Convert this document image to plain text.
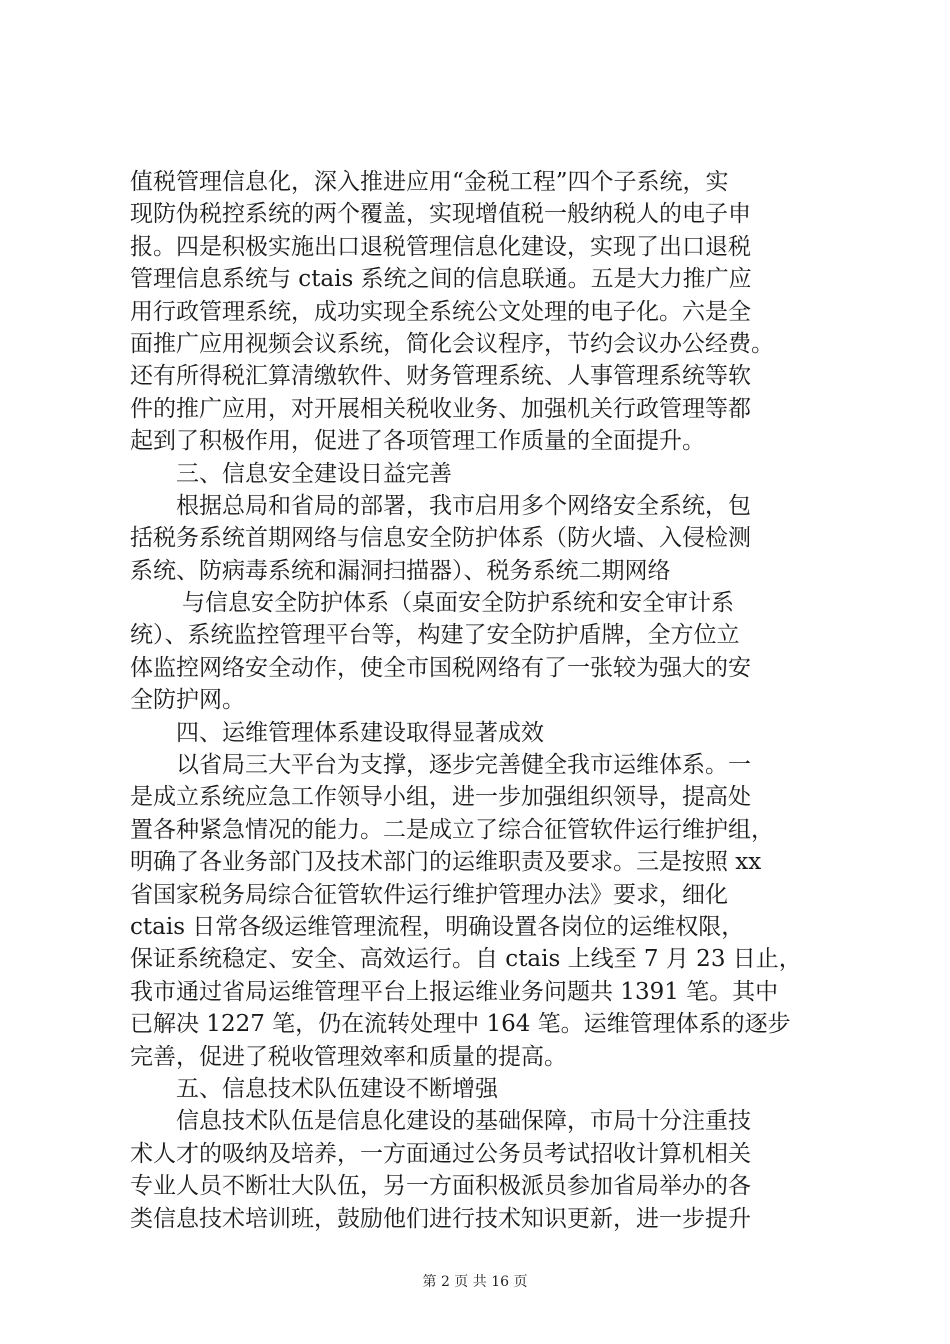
值税管理信息化，深入推进应用“金税工程”四个子系统，实
现防伪税控系统的两个覆盖，实现增值税一般纳税人的电子申
报。四是积极实施出口退税管理信息化建设，实现了出口退税
管理信息系统与 ctais 系统之间的信息联通。五是大力推广应
用行政管理系统，成功实现全系统公文处理的电子化。六是全
面推广应用视频会议系统，简化会议程序，节约会议办公经费。
还有所得税汇算清缴软件、财务管理系统、人事管理系统等软
件的推广应用，对开展相关税收业务、加强机关行政管理等都
起到了积极作用，促进了各项管理工作质量的全面提升。
三、信息安全建设日益完善
根据总局和省局的部署，我市启用多个网络安全系统，包
括税务系统首期网络与信息安全防护体系（防火墙、入侵检测
系统、防病毒系统和漏洞扫描器）、税务系统二期网络
与信息安全防护体系（桌面安全防护系统和安全审计系
统）、系统监控管理平台等，构建了安全防护盾牌，全方位立
体监控网络安全动作，使全市国税网络有了一张较为强大的安
全防护网。
四、运维管理体系建设取得显著成效
以省局三大平台为支撑，逐步完善健全我市运维体系。一
是成立系统应急工作领导小组，进一步加强组织领导，提高处
置各种紧急情况的能力。二是成立了综合征管软件运行维护组，
明确了各业务部门及技术部门的运维职责及要求。三是按照 xx
省国家税务局综合征管软件运行维护管理办法》要求，细化
ctais 日常各级运维管理流程，明确设置各岗位的运维权限，
保证系统稳定、安全、高效运行。自 ctais 上线至 7 月 23 日止，
我市通过省局运维管理平台上报运维业务问题共 1391 笔。其中
已解决 1227 笔，仍在流转处理中 164 笔。运维管理体系的逐步
完善，促进了税收管理效率和质量的提高。
五、信息技术队伍建设不断增强
信息技术队伍是信息化建设的基础保障，市局十分注重技
术人才的吸纳及培养，一方面通过公务员考试招收计算机相关
专业人员不断壮大队伍，另一方面积极派员参加省局举办的各
类信息技术培训班，鼓励他们进行技术知识更新，进一步提升
第 2 页 共 16 页
